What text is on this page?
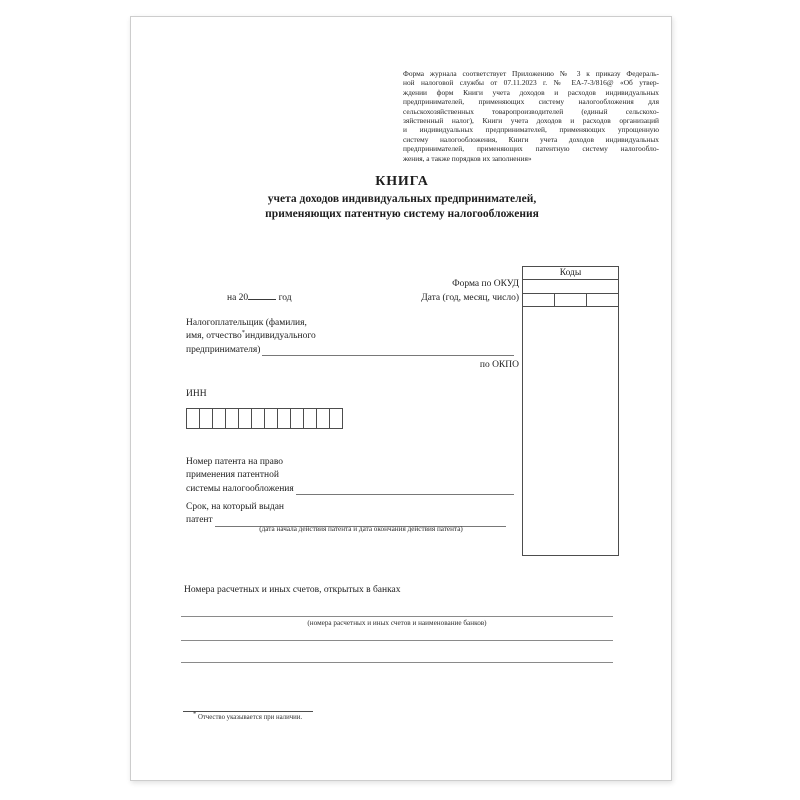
Форма журнала соответствует Приложению № 3 к приказу Федераль-
ной налоговой службы от 07.11.2023 г. № ЕА-7-3/816@ «Об утвер-
ждении форм Книги учета доходов и расходов индивидуальных
предпринимателей, применяющих систему налогообложения для
сельскохозяйственных товаропроизводителей (единый сельскохо-
зяйственный налог), Книги учета доходов и расходов организаций
и индивидуальных предпринимателей, применяющих упрощенную
систему налогообложения, Книги учета доходов индивидуальных
предпринимателей, применяющих патентную систему налогообло-
жения, а также порядков их заполнения»
КНИГА
учета доходов индивидуальных предпринимателей,
применяющих патентную систему налогообложения
на 20	год
Форма по ОКУД
Дата (год, месяц, число)
Коды
Налогоплательщик (фамилия,
имя, отчество*индивидуального
предпринимателя)
по ОКПО
ИНН
Номер патента на право
применения патентной
системы налогообложения
Срок, на который выдан
патент
(дата начала действия патента и дата окончания действия патента)
Номера расчетных и иных счетов, открытых в банках
(номера расчетных и иных счетов и наименование банков)
* Отчество указывается при наличии.
